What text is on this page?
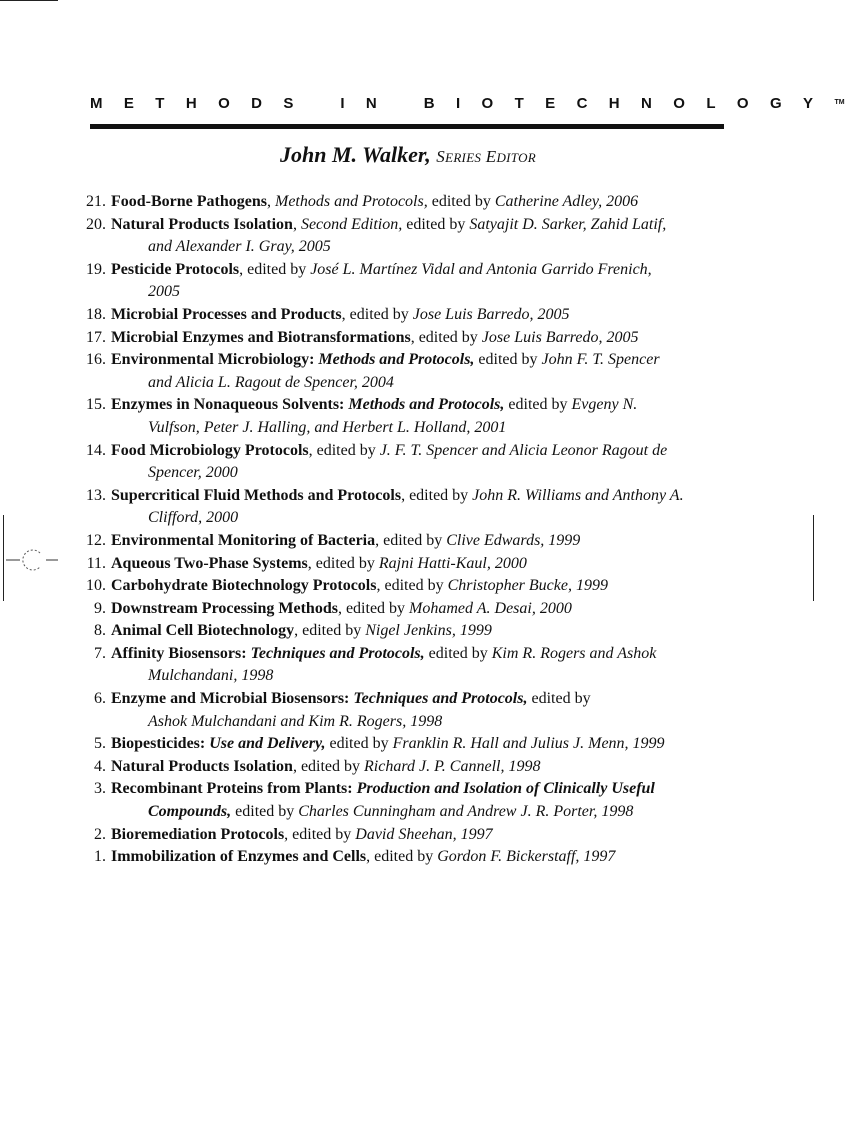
METHODS IN BIOTECHNOLOGY™
John M. Walker, SERIES EDITOR
21. Food-Borne Pathogens, Methods and Protocols, edited by Catherine Adley, 2006
20. Natural Products Isolation, Second Edition, edited by Satyajit D. Sarker, Zahid Latif,
and Alexander I. Gray, 2005
19. Pesticide Protocols, edited by José L. Martínez Vidal and Antonia Garrido Frenich,
2005
18. Microbial Processes and Products, edited by Jose Luis Barredo, 2005
17. Microbial Enzymes and Biotransformations, edited by Jose Luis Barredo, 2005
16. Environmental Microbiology: Methods and Protocols, edited by John F. T. Spencer
and Alicia L. Ragout de Spencer, 2004
15. Enzymes in Nonaqueous Solvents: Methods and Protocols, edited by Evgeny N.
Vulfson, Peter J. Halling, and Herbert L. Holland, 2001
14. Food Microbiology Protocols, edited by J. F. T. Spencer and Alicia Leonor Ragout de
Spencer, 2000
13. Supercritical Fluid Methods and Protocols, edited by John R. Williams and Anthony A.
Clifford, 2000
12. Environmental Monitoring of Bacteria, edited by Clive Edwards, 1999
11. Aqueous Two-Phase Systems, edited by Rajni Hatti-Kaul, 2000
10. Carbohydrate Biotechnology Protocols, edited by Christopher Bucke, 1999
9. Downstream Processing Methods, edited by Mohamed A. Desai, 2000
8. Animal Cell Biotechnology, edited by Nigel Jenkins, 1999
7. Affinity Biosensors: Techniques and Protocols, edited by Kim R. Rogers and Ashok
Mulchandani, 1998
6. Enzyme and Microbial Biosensors: Techniques and Protocols, edited by
Ashok Mulchandani and Kim R. Rogers, 1998
5. Biopesticides: Use and Delivery, edited by Franklin R. Hall and Julius J. Menn, 1999
4. Natural Products Isolation, edited by Richard J. P. Cannell, 1998
3. Recombinant Proteins from Plants: Production and Isolation of Clinically Useful
Compounds, edited by Charles Cunningham and Andrew J. R. Porter, 1998
2. Bioremediation Protocols, edited by David Sheehan, 1997
1. Immobilization of Enzymes and Cells, edited by Gordon F. Bickerstaff, 1997
